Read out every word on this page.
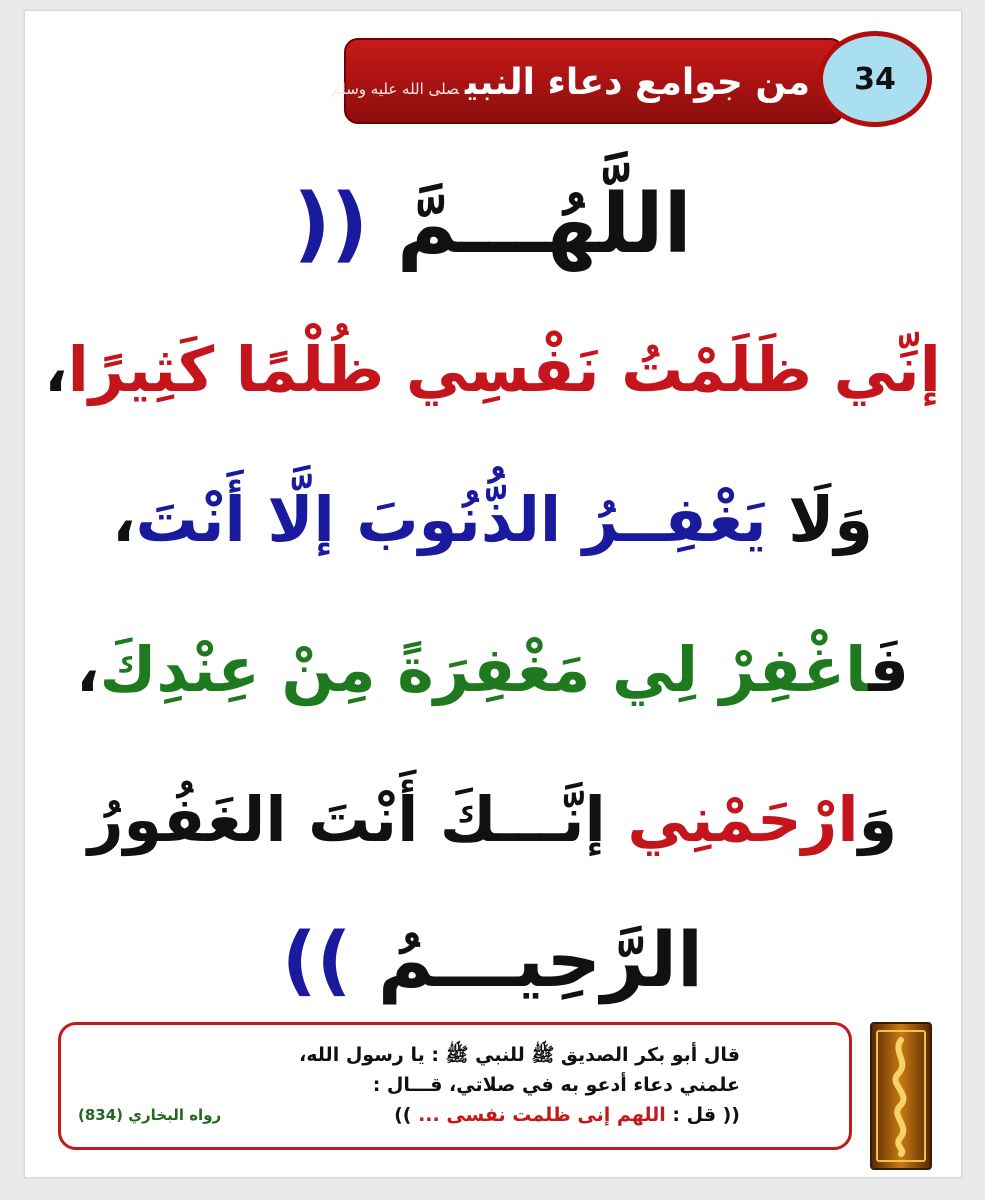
من جوامع دعاء النبيصلى الله عليه وسلم	34
اللَّهُـــمَّ ((
إنِّي ظَلَمْتُ نَفْسِي ظُلْمًا كَثِيرًا،
وَلَا يَغْفِــرُ الذُّنُوبَ إلَّا أَنْتَ،
فَاغْفِرْ لِي مَغْفِرَةً مِنْ عِنْدِكَ،
وَارْحَمْنِي إنَّـــكَ أَنْتَ الغَفُورُ
الرَّحِيـــمُ ))
قال أبو بكر الصديق ﷺ للنبي ﷺ : يا رسول الله،
علمني دعاء أدعو به في صلاتي، قـــال :
(( قل : اللهم إنى ظلمت نفسى ... ))
رواه البخاري (834)
